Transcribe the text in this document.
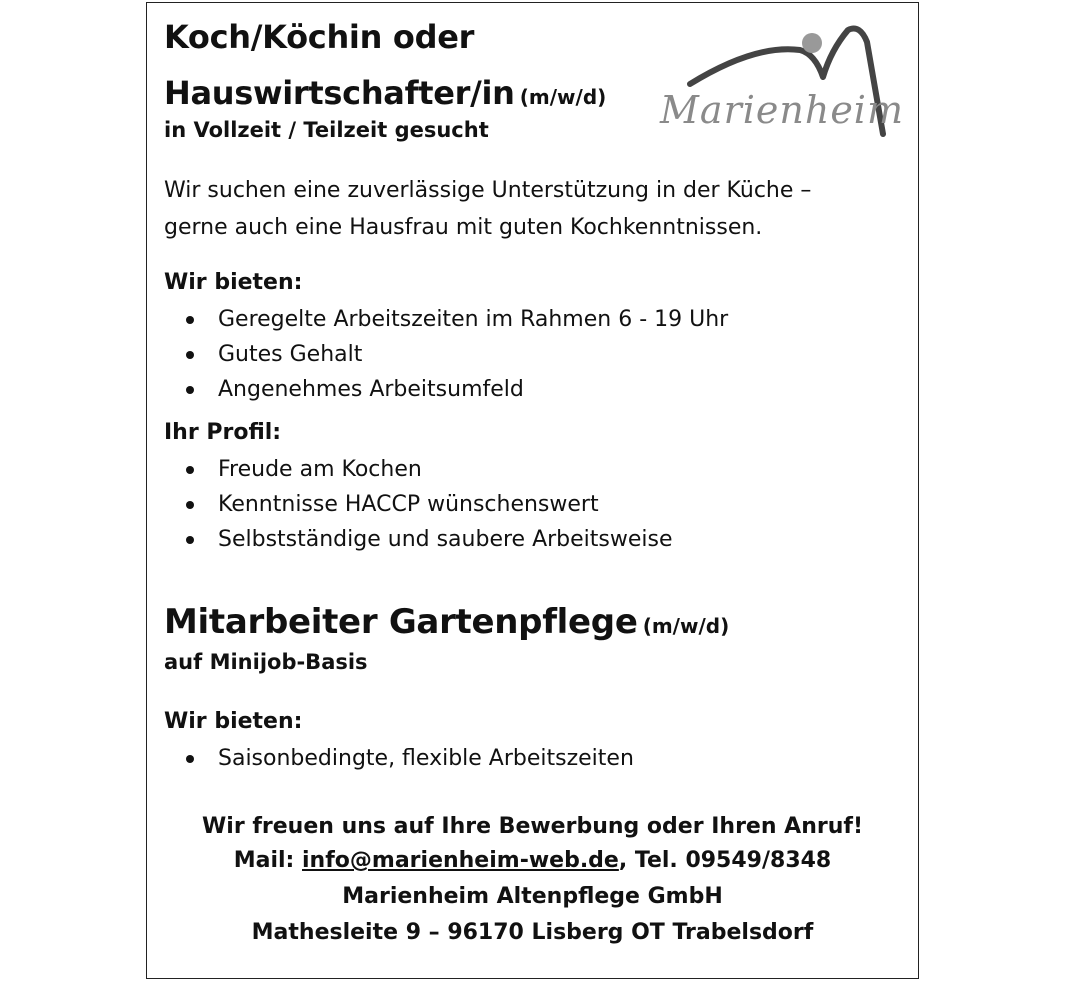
Koch/Köchin oder
Hauswirtschafter/in (m/w/d)
in Vollzeit / Teilzeit gesucht	Marienheim
Wir suchen eine zuverlässige Unterstützung in der Küche –
gerne auch eine Hausfrau mit guten Kochkenntnissen.
Wir bieten:
Geregelte Arbeitszeiten im Rahmen 6 - 19 Uhr
Gutes Gehalt
Angenehmes Arbeitsumfeld
Ihr Profil:
Freude am Kochen
Kenntnisse HACCP wünschenswert
Selbstständige und saubere Arbeitsweise
Mitarbeiter Gartenpflege (m/w/d)
auf Minijob-Basis
Wir bieten:
Saisonbedingte, flexible Arbeitszeiten
Wir freuen uns auf Ihre Bewerbung oder Ihren Anruf!
Mail: info@marienheim-web.de, Tel. 09549/8348
Marienheim Altenpflege GmbH
Mathesleite 9 – 96170 Lisberg OT Trabelsdorf
